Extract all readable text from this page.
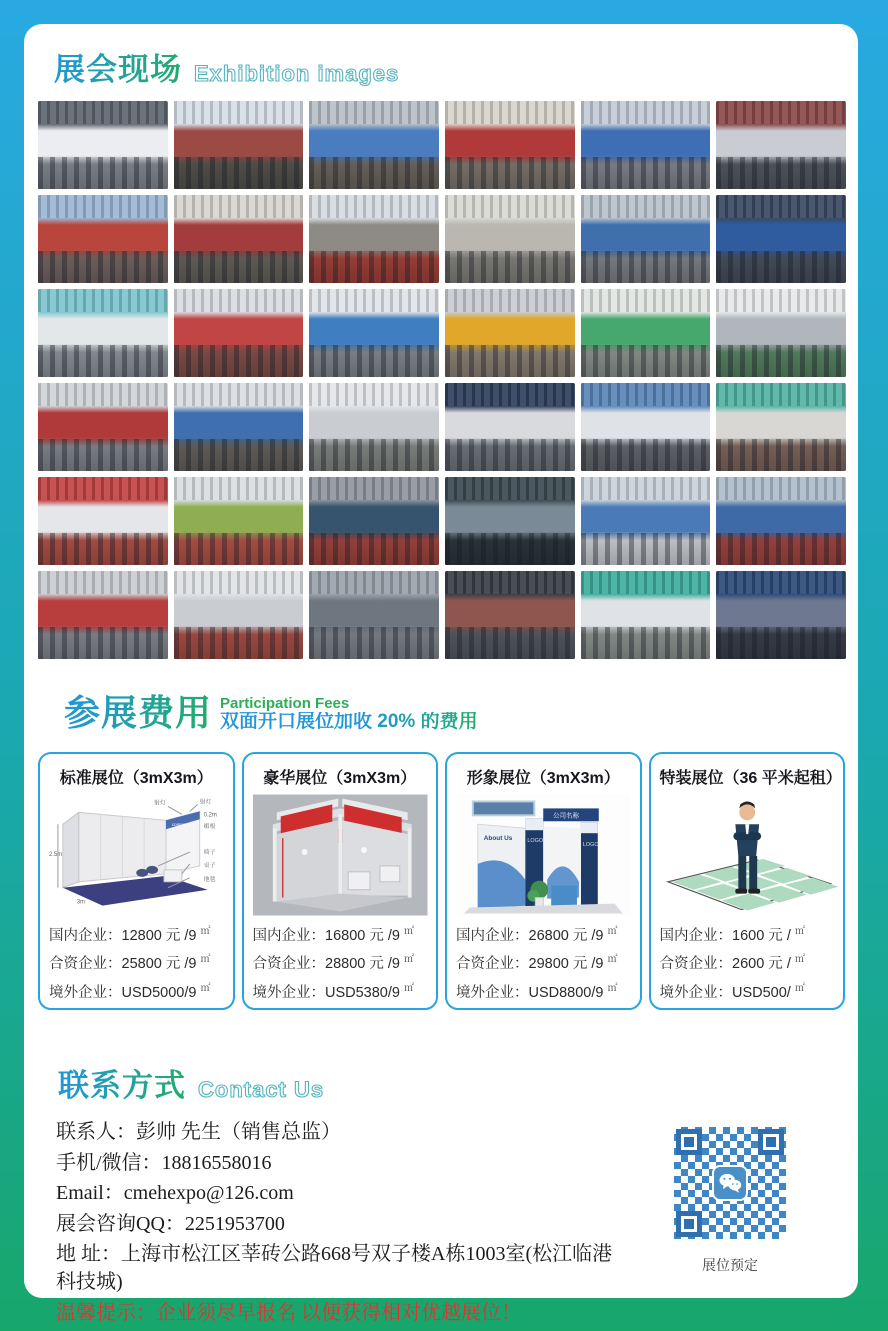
展会现场 Exhibition images
参展费用 Participation Fees
双面开口展位加收 20% 的费用
标准展位（3mX3m）
company
射灯	射灯
0.2m
楣板
椅子
桌子
地毯
2.5m
3m
国内企业：12800 元 /9 ㎡
合资企业：25800 元 /9 ㎡
境外企业：USD5000/9 ㎡
豪华展位（3mX3m）
国内企业：16800 元 /9 ㎡
合资企业：28800 元 /9 ㎡
境外企业：USD5380/9 ㎡
形象展位（3mX3m）
About Us	LOGO
公司名称
LOGO
国内企业：26800 元 /9 ㎡
合资企业：29800 元 /9 ㎡
境外企业：USD8800/9 ㎡
特装展位（36 平米起租）
国内企业：1600 元 / ㎡
合资企业：2600 元 / ㎡
境外企业：USD500/ ㎡
联系方式 Contact Us
联系人：彭帅 先生（销售总监）
手机/微信：18816558016
Email：cmehexpo@126.com
展会咨询QQ：2251953700
地 址：上海市松江区莘砖公路668号双子楼A栋1003室(松江临港科技城)
温馨提示：企业须尽早报名 以便获得相对优越展位！
展位预定
